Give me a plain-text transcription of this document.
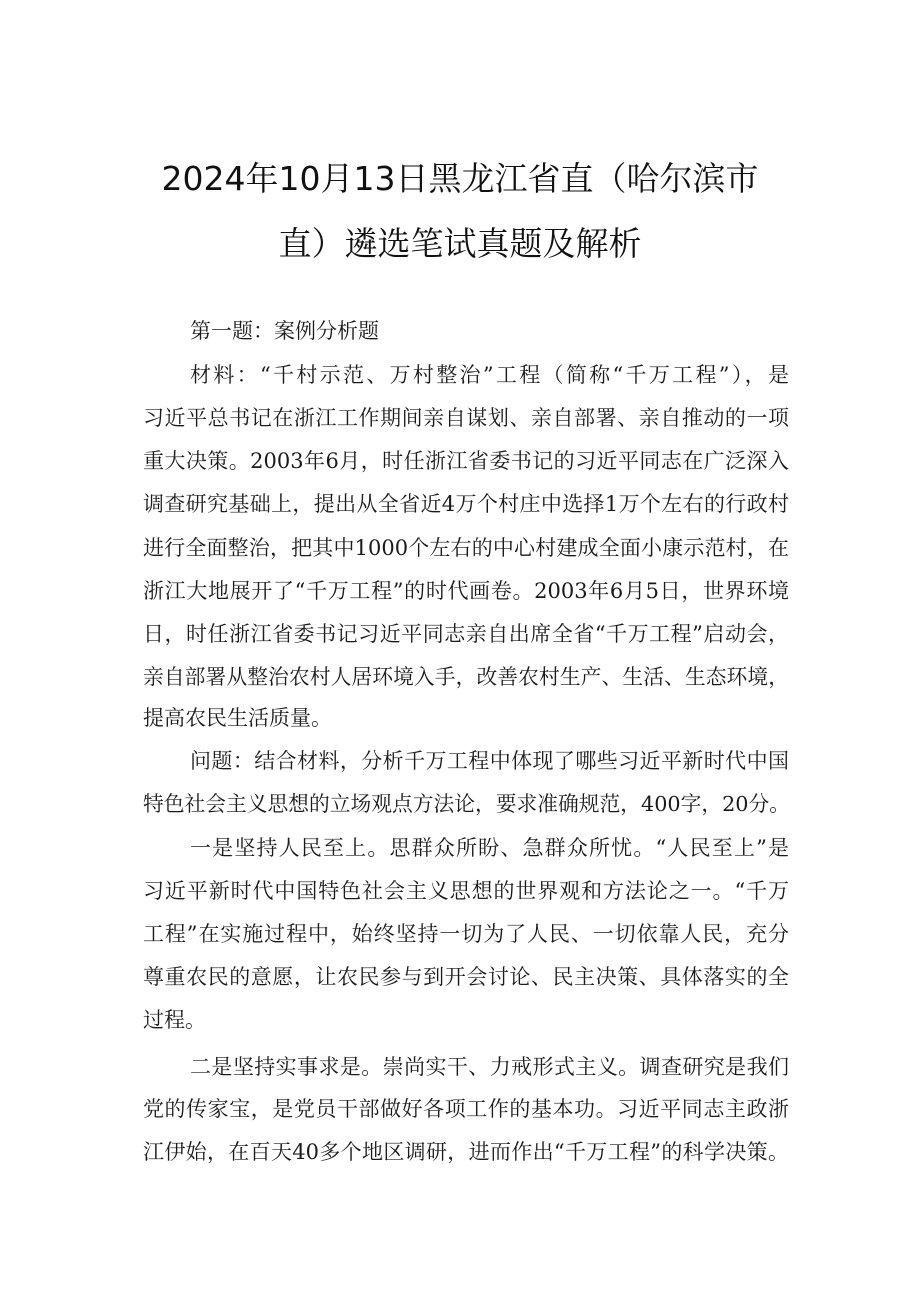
2024年10月13日黑龙江省直（哈尔滨市
直）遴选笔试真题及解析
第一题：案例分析题
材料：“千村示范、万村整治”工程（简称“千万工程”），是
习近平总书记在浙江工作期间亲自谋划、亲自部署、亲自推动的一项
重大决策。2003年6月，时任浙江省委书记的习近平同志在广泛深入
调查研究基础上，提出从全省近4万个村庄中选择1万个左右的行政村
进行全面整治，把其中1000个左右的中心村建成全面小康示范村，在
浙江大地展开了“千万工程”的时代画卷。2003年6月5日，世界环境
日，时任浙江省委书记习近平同志亲自出席全省“千万工程”启动会，
亲自部署从整治农村人居环境入手，改善农村生产、生活、生态环境，
提高农民生活质量。
问题：结合材料，分析千万工程中体现了哪些习近平新时代中国
特色社会主义思想的立场观点方法论，要求准确规范，400字，20分。
一是坚持人民至上。思群众所盼、急群众所忧。“人民至上”是
习近平新时代中国特色社会主义思想的世界观和方法论之一。“千万
工程”在实施过程中，始终坚持一切为了人民、一切依靠人民，充分
尊重农民的意愿，让农民参与到开会讨论、民主决策、具体落实的全
过程。
二是坚持实事求是。崇尚实干、力戒形式主义。调查研究是我们
党的传家宝，是党员干部做好各项工作的基本功。习近平同志主政浙
江伊始，在百天40多个地区调研，进而作出“千万工程”的科学决策。
